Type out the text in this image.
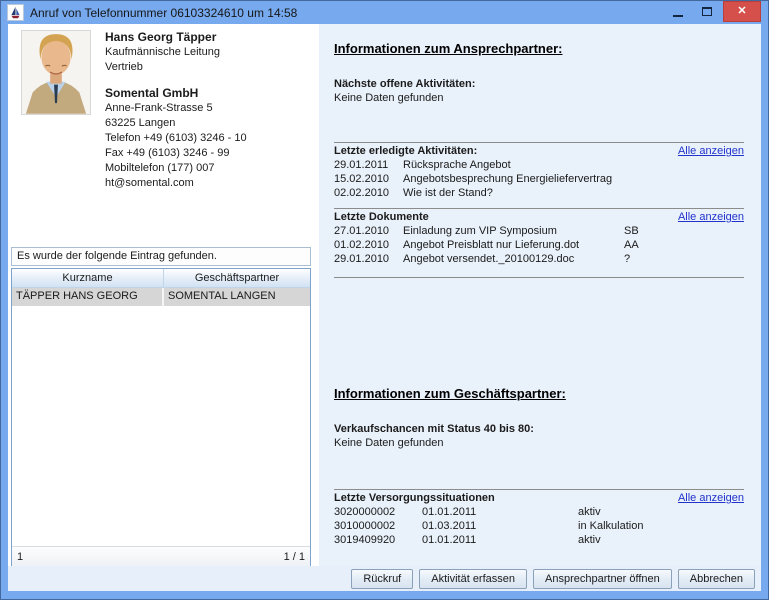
Anruf von Telefonnummer 06103324610 um 14:58	✕
Hans Georg Täpper
Kaufmännische Leitung
Vertrieb
Somental GmbH
Anne-Frank-Strasse 5
63225 Langen
Telefon +49 (6103) 3246 - 10
Fax +49 (6103) 3246 - 99
Mobiltelefon (177) 007
ht@somental.com
Es wurde der folgende Eintrag gefunden.
Kurzname	Geschäftspartner
TÄPPER HANS GEORG	SOMENTAL LANGEN
1	1 / 1
Informationen zum Ansprechpartner:
Nächste offene Aktivitäten:
Keine Daten gefunden
Letzte erledigte Aktivitäten:	Alle anzeigen
29.01.2011	Rücksprache Angebot
15.02.2010	Angebotsbesprechung Energieliefervertrag
02.02.2010	Wie ist der Stand?
Letzte Dokumente	Alle anzeigen
27.01.2010	Einladung zum VIP Symposium	SB
01.02.2010	Angebot Preisblatt nur Lieferung.dot	AA
29.01.2010	Angebot versendet._20100129.doc	?
Informationen zum Geschäftspartner:
Verkaufschancen mit Status 40 bis 80:
Keine Daten gefunden
Letzte Versorgungssituationen	Alle anzeigen
3020000002	01.01.2011	aktiv
3010000002	01.03.2011	in Kalkulation
3019409920	01.01.2011	aktiv
Rückruf	Aktivität erfassen	Ansprechpartner öffnen	Abbrechen
